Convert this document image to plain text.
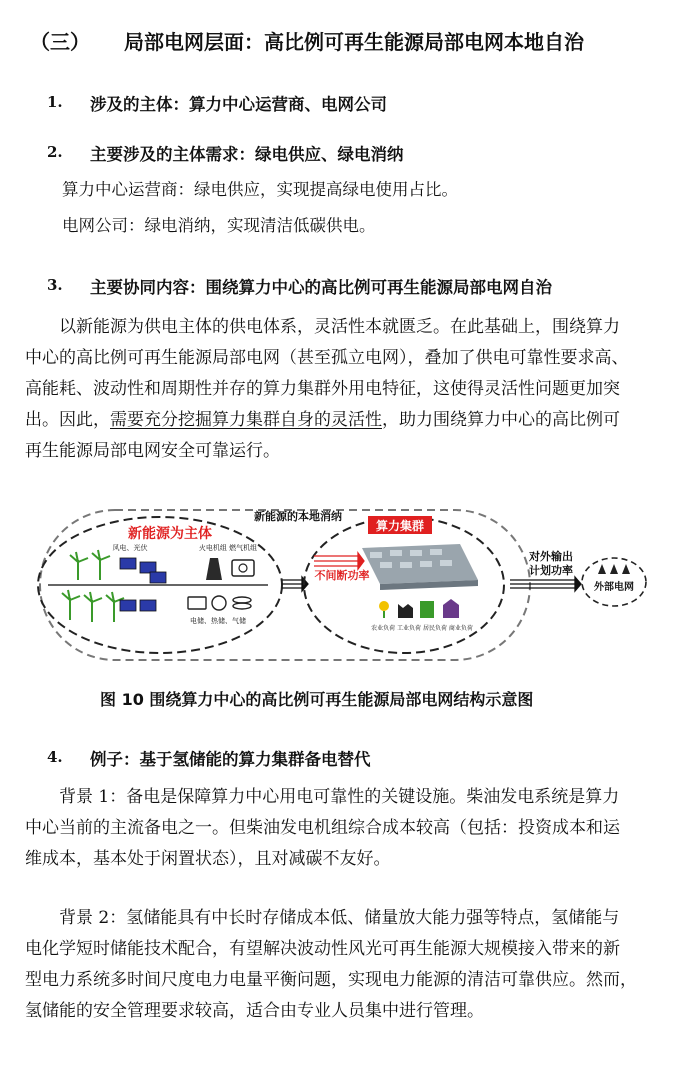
（三） 局部电网层面：高比例可再生能源局部电网本地自治
1. 涉及的主体：算力中心运营商、电网公司
2. 主要涉及的主体需求：绿电供应、绿电消纳
算力中心运营商：绿电供应，实现提高绿电使用占比。
电网公司：绿电消纳，实现清洁低碳供电。
3. 主要协同内容：围绕算力中心的高比例可再生能源局部电网自治
　　以新能源为供电主体的供电体系，灵活性本就匮乏。在此基础上，围绕算力
中心的高比例可再生能源局部电网（甚至孤立电网），叠加了供电可靠性要求高、
高能耗、波动性和周期性并存的算力集群外用电特征，这使得灵活性问题更加突
出。因此，需要充分挖掘算力集群自身的灵活性，助力围绕算力中心的高比例可
再生能源局部电网安全可靠运行。
新能源的本地消纳
新能源为主体
风电、光伏	火电机组 燃气机组
电储、热储、气储
算力集群
不间断功率
农业负荷 工业负荷 居民负荷 商业负荷
对外输出
计划功率
外部电网
图 10 围绕算力中心的高比例可再生能源局部电网结构示意图
4. 例子：基于氢储能的算力集群备电替代
　　背景 1：备电是保障算力中心用电可靠性的关键设施。柴油发电系统是算力
中心当前的主流备电之一。但柴油发电机组综合成本较高（包括：投资成本和运
维成本，基本处于闲置状态），且对减碳不友好。
　　背景 2：氢储能具有中长时存储成本低、储量放大能力强等特点，氢储能与
电化学短时储能技术配合，有望解决波动性风光可再生能源大规模接入带来的新
型电力系统多时间尺度电力电量平衡问题，实现电力能源的清洁可靠供应。然而，
氢储能的安全管理要求较高，适合由专业人员集中进行管理。
